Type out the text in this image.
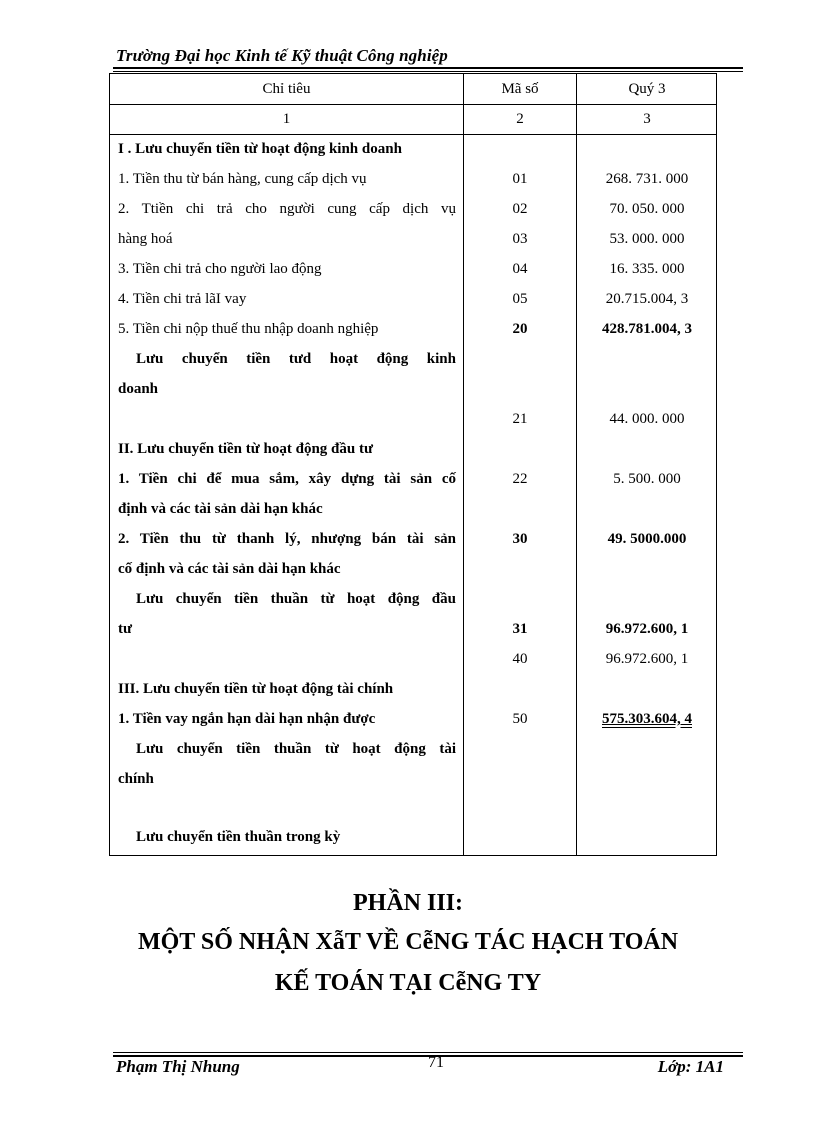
Trường Đại học Kinh tế Kỹ thuật Công nghiệp
Chỉ tiêu	Mã số	Quý 3
1	2	3
I . Lưu chuyển tiền từ hoạt động kinh doanh
1. Tiền thu từ bán hàng, cung cấp dịch vụ	01	268. 731. 000
2. Ttiền chi trả cho người cung cấp dịch vụ	02	70. 050. 000
hàng hoá	03	53. 000. 000
3. Tiền chi trả cho người lao động	04	16. 335. 000
4. Tiền chi trả lãI vay	05	20.715.004, 3
5. Tiền chi nộp thuế thu nhập doanh nghiệp	20	428.781.004, 3
Lưu chuyển tiền tưd hoạt động kinh
doanh
21	44. 000. 000
II. Lưu chuyển tiền từ hoạt động đầu tư
1. Tiền chi để mua sắm, xây dựng tài sản cố	22	5. 500. 000
định và các tài sản dài hạn khác
2. Tiền thu từ thanh lý, nhượng bán tài sản	30	49. 5000.000
cố định và các tài sản dài hạn khác
Lưu chuyển tiền thuần từ hoạt động đầu
tư	31	96.972.600, 1
40	96.972.600, 1
III. Lưu chuyển tiền từ hoạt động tài chính
1. Tiền vay ngắn hạn dài hạn nhận được	50	575.303.604, 4
Lưu chuyển tiền thuần từ hoạt động tài
chính
Lưu chuyển tiền thuần trong kỳ
PHẦN III:
MỘT SỐ NHẬN XẫT VỀ CễNG TÁC HẠCH TOÁN
KẾ TOÁN TẠI CễNG TY
Phạm Thị Nhung	71	Lớp: 1A1
